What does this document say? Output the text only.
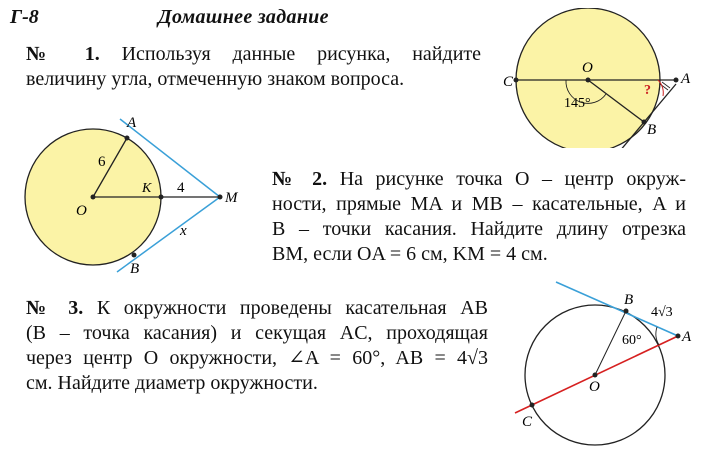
Г-8	Домашнее задание
№ 1. Используя данные рисунка, найдите
величину угла, отмеченную знаком вопроса.
№ 2. На рисунке точка O – центр окруж-
ности, прямые MA и MB – касательные, A и
B – точки касания. Найдите длину отрезка
BM, если OA = 6 см, KM = 4 см.
№ 3. К окружности проведены касательная AB
(B – точка касания) и секущая AC, проходящая
через центр O окружности, ∠A = 60°, AB = 4√3
см. Найдите диаметр окружности.
C
O
A
B
145°
?
A
B
O
K
M
6
4
x
B
A
O
C
4√3
60°
